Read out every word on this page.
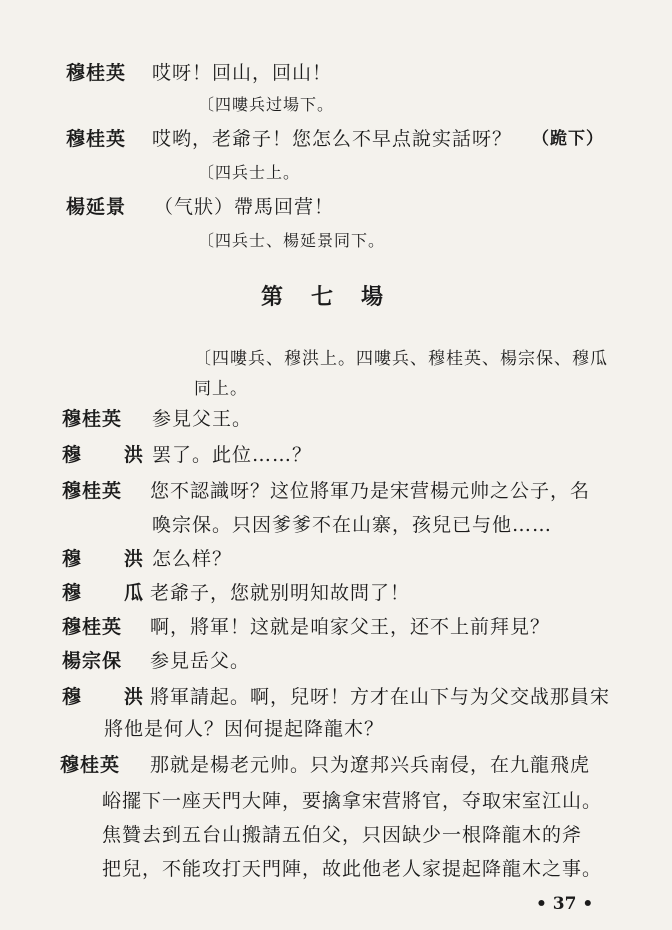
穆桂英 哎呀！回山，回山！
〔四嘍兵过場下。
穆桂英 哎哟，老爺子！您怎么不早点說实話呀？ （跪下）
〔四兵士上。
楊延景 （气狀）帶馬回营！
〔四兵士、楊延景同下。
第七場
〔四嘍兵、穆洪上。四嘍兵、穆桂英、楊宗保、穆瓜
同上。
穆桂英 参見父王。
穆　洪
罢了。此位……？
穆桂英 您不認識呀？这位將軍乃是宋营楊元帅之公子，名
喚宗保。只因爹爹不在山寨，孩兒已与他……
穆　洪
怎么样？
穆　瓜
老爺子，您就别明知故問了！
穆桂英 啊，將軍！这就是咱家父王，还不上前拜見？
楊宗保 参見岳父。
穆　洪
將軍請起。啊，兒呀！方才在山下与为父交战那員宋
將他是何人？因何提起降龍木？
穆桂英 那就是楊老元帅。只为遼邦兴兵南侵，在九龍飛虎
峪擺下一座天門大陣，要擒拿宋营將官，夺取宋室江山。
焦贊去到五台山搬請五伯父，只因缺少一根降龍木的斧
把兒，不能攻打天門陣，故此他老人家提起降龍木之事。
• 37 •
